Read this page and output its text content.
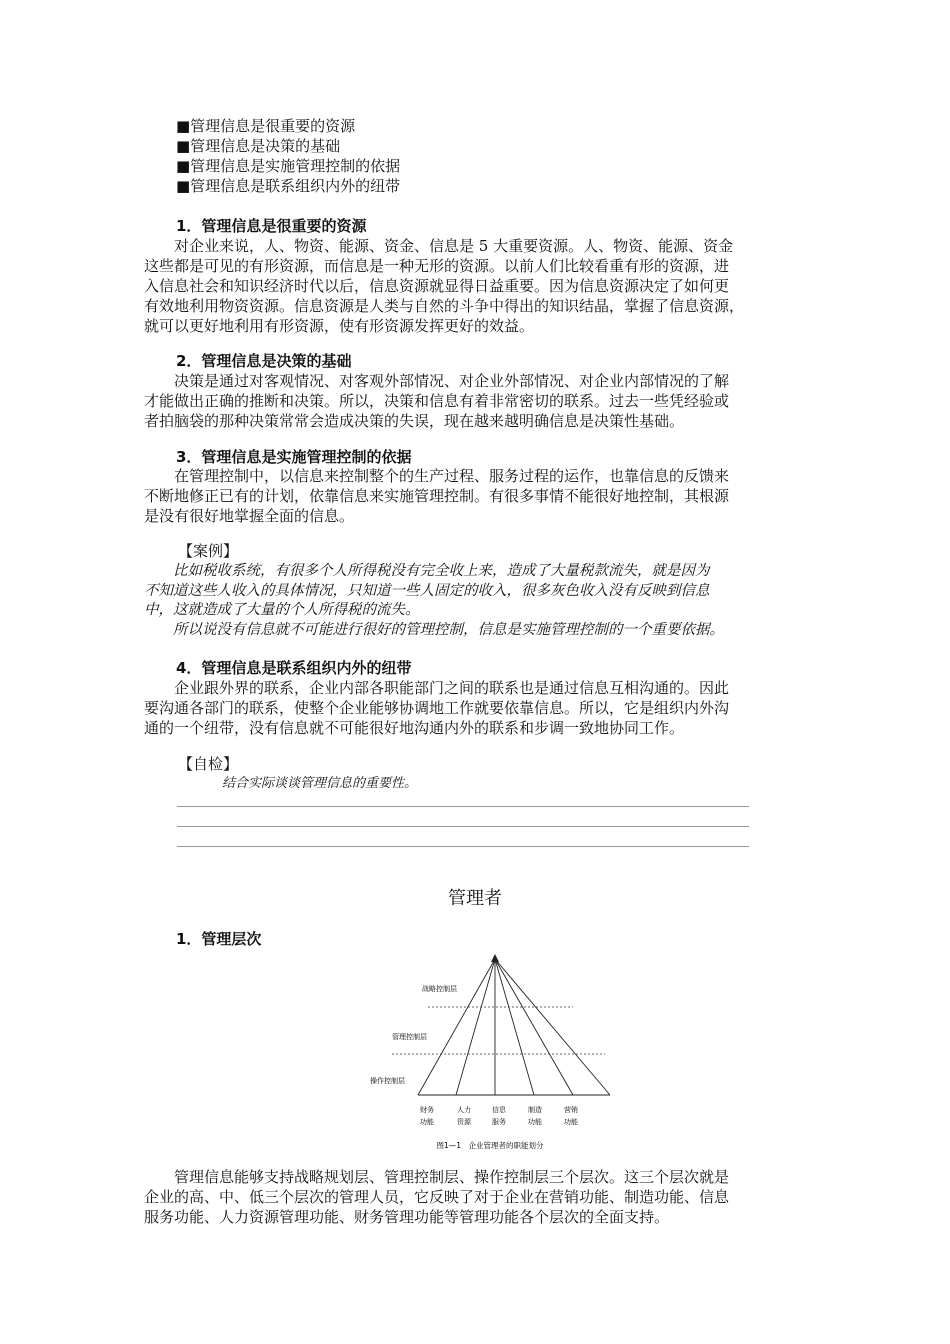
■管理信息是很重要的资源
■管理信息是决策的基础
■管理信息是实施管理控制的依据
■管理信息是联系组织内外的纽带
1．管理信息是很重要的资源
　　对企业来说，人、物资、能源、资金、信息是 5 大重要资源。人、物资、能源、资金
这些都是可见的有形资源，而信息是一种无形的资源。以前人们比较看重有形的资源，进
入信息社会和知识经济时代以后，信息资源就显得日益重要。因为信息资源决定了如何更
有效地利用物资资源。信息资源是人类与自然的斗争中得出的知识结晶，掌握了信息资源，
就可以更好地利用有形资源，使有形资源发挥更好的效益。
2．管理信息是决策的基础
　　决策是通过对客观情况、对客观外部情况、对企业外部情况、对企业内部情况的了解
才能做出正确的推断和决策。所以，决策和信息有着非常密切的联系。过去一些凭经验或
者拍脑袋的那种决策常常会造成决策的失误，现在越来越明确信息是决策性基础。
3．管理信息是实施管理控制的依据
　　在管理控制中，以信息来控制整个的生产过程、服务过程的运作，也靠信息的反馈来
不断地修正已有的计划，依靠信息来实施管理控制。有很多事情不能很好地控制，其根源
是没有很好地掌握全面的信息。
【案例】
　　比如税收系统，有很多个人所得税没有完全收上来，造成了大量税款流失，就是因为
不知道这些人收入的具体情况，只知道一些人固定的收入，很多灰色收入没有反映到信息
中，这就造成了大量的个人所得税的流失。
　　所以说没有信息就不可能进行很好的管理控制，信息是实施管理控制的一个重要依据。
4．管理信息是联系组织内外的纽带
　　企业跟外界的联系，企业内部各职能部门之间的联系也是通过信息互相沟通的。因此
要沟通各部门的联系，使整个企业能够协调地工作就要依靠信息。所以，它是组织内外沟
通的一个纽带，没有信息就不可能很好地沟通内外的联系和步调一致地协同工作。
【自检】
结合实际谈谈管理信息的重要性。
管理者
1．管理层次
战略控制层
管理控制层
操作控制层
财务
功能
人力
资源
信息
服务
制造
功能
营销
功能
图1—1　企业管理者的职能划分
　　管理信息能够支持战略规划层、管理控制层、操作控制层三个层次。这三个层次就是
企业的高、中、低三个层次的管理人员，它反映了对于企业在营销功能、制造功能、信息
服务功能、人力资源管理功能、财务管理功能等管理功能各个层次的全面支持。
